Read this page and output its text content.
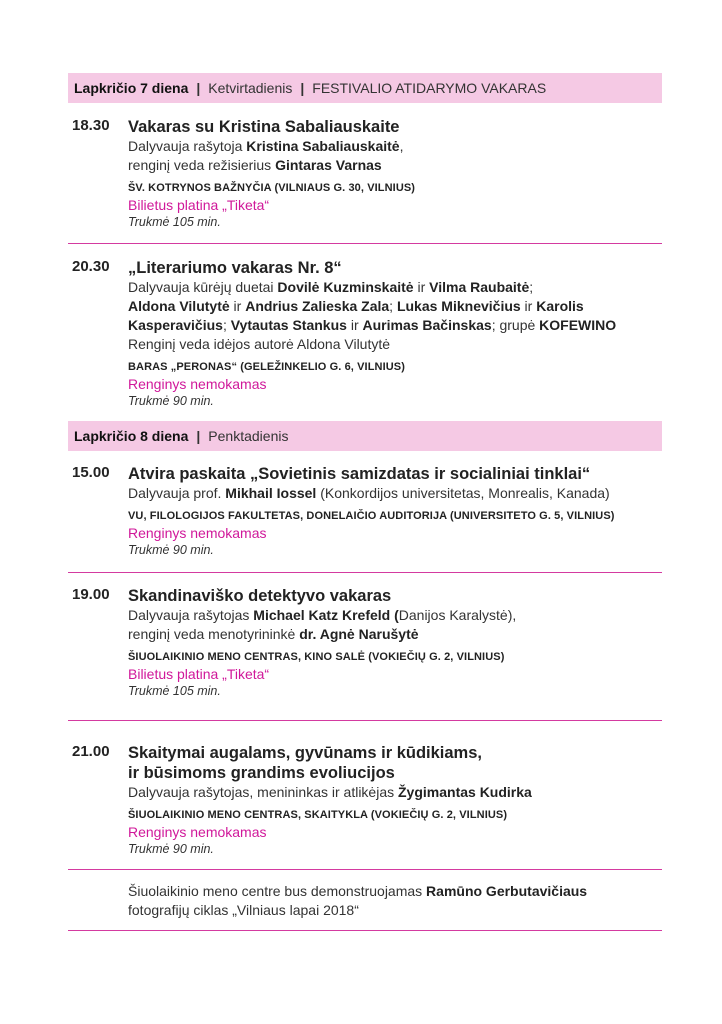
Lapkričio 7 diena | Ketvirtadienis | FESTIVALIO ATIDARYMO VAKARAS
18.30 Vakaras su Kristina Sabaliauskaite
Dalyvauja rašytoja Kristina Sabaliauskaitė,
renginį veda režisierius Gintaras Varnas
ŠV. KOTRYNOS BAŽNYČIA (VILNIAUS G. 30, VILNIUS)
Bilietus platina „Tiketa“
Trukmė 105 min.
20.30 „Literariumo vakaras Nr. 8“
Dalyvauja kūrėjų duetai Dovilė Kuzminskaitė ir Vilma Raubaitė;
Aldona Vilutytė ir Andrius Zalieska Zala; Lukas Miknevičius ir Karolis
Kasperavičius; Vytautas Stankus ir Aurimas Bačinskas; grupė KOFEWINO
Renginį veda idėjos autorė Aldona Vilutytė
BARAS „PERONAS“ (GELEŽINKELIO G. 6, VILNIUS)
Renginys nemokamas
Trukmė 90 min.
Lapkričio 8 diena | Penktadienis
15.00 Atvira paskaita „Sovietinis samizdatas ir socialiniai tinklai“
Dalyvauja prof. Mikhail Iossel (Konkordijos universitetas, Monrealis, Kanada)
VU, FILOLOGIJOS FAKULTETAS, DONELAIČIO AUDITORIJA (UNIVERSITETO G. 5, VILNIUS)
Renginys nemokamas
Trukmė 90 min.
19.00 Skandinaviško detektyvo vakaras
Dalyvauja rašytojas Michael Katz Krefeld (Danijos Karalystė),
renginį veda menotyrininkė dr. Agnė Narušytė
ŠIUOLAIKINIO MENO CENTRAS, KINO SALĖ (VOKIEČIŲ G. 2, VILNIUS)
Bilietus platina „Tiketa“
Trukmė 105 min.
21.00 Skaitymai augalams, gyvūnams ir kūdikiams,
ir būsimoms grandims evoliucijos
Dalyvauja rašytojas, menininkas ir atlikėjas Žygimantas Kudirka
ŠIUOLAIKINIO MENO CENTRAS, SKAITYKLA (VOKIEČIŲ G. 2, VILNIUS)
Renginys nemokamas
Trukmė 90 min.
Šiuolaikinio meno centre bus demonstruojamas Ramūno Gerbutavičiaus
fotografijų ciklas „Vilniaus lapai 2018“
